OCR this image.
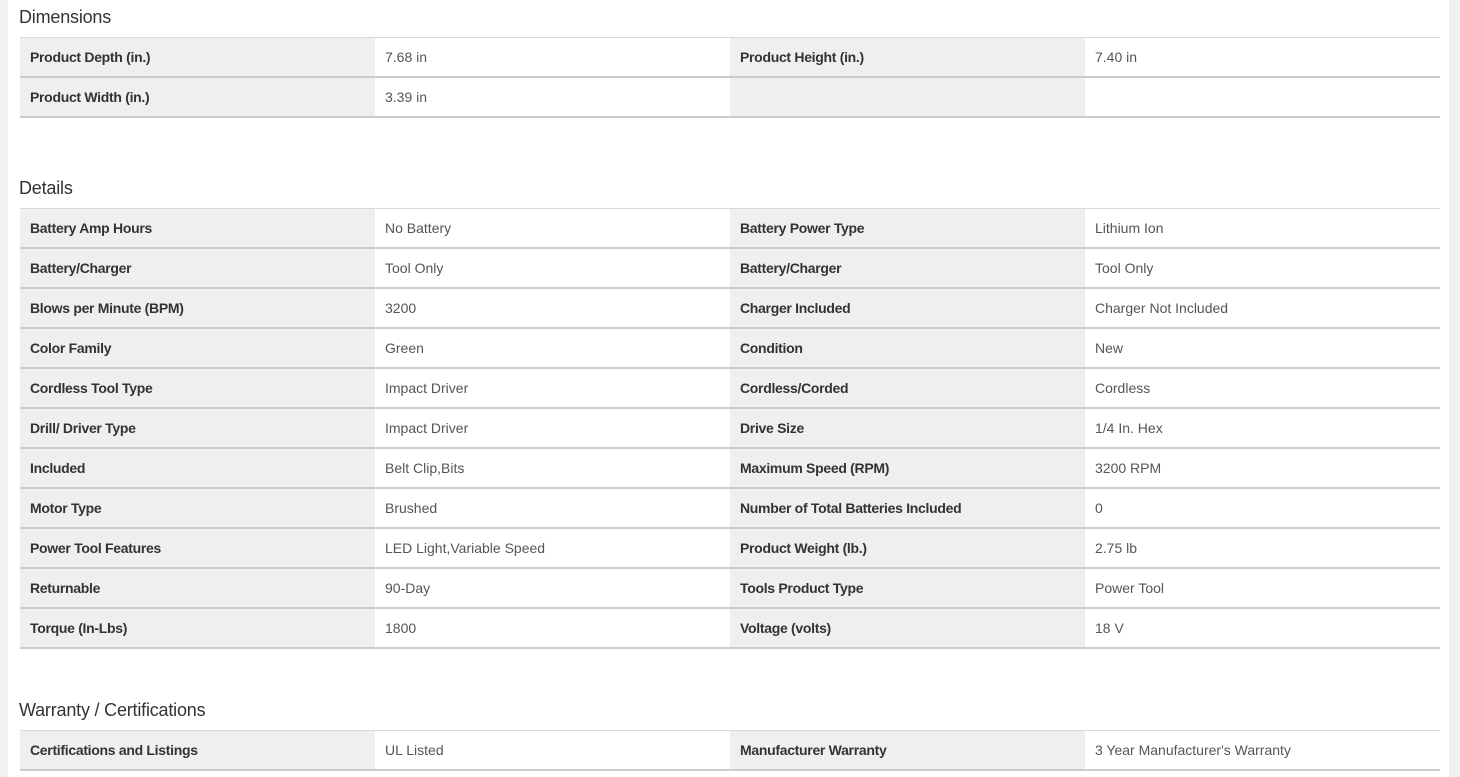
Dimensions
Product Depth (in.)	7.68 in	Product Height (in.)	7.40 in
Product Width (in.)	3.39 in
Details
Battery Amp Hours	No Battery	Battery Power Type	Lithium Ion
Battery/Charger	Tool Only	Battery/Charger	Tool Only
Blows per Minute (BPM)	3200	Charger Included	Charger Not Included
Color Family	Green	Condition	New
Cordless Tool Type	Impact Driver	Cordless/Corded	Cordless
Drill/ Driver Type	Impact Driver	Drive Size	1/4 In. Hex
Included	Belt Clip,Bits	Maximum Speed (RPM)	3200 RPM
Motor Type	Brushed	Number of Total Batteries Included	0
Power Tool Features	LED Light,Variable Speed	Product Weight (lb.)	2.75 lb
Returnable	90-Day	Tools Product Type	Power Tool
Torque (In-Lbs)	1800	Voltage (volts)	18 V
Warranty / Certifications
Certifications and Listings	UL Listed	Manufacturer Warranty	3 Year Manufacturer's Warranty
